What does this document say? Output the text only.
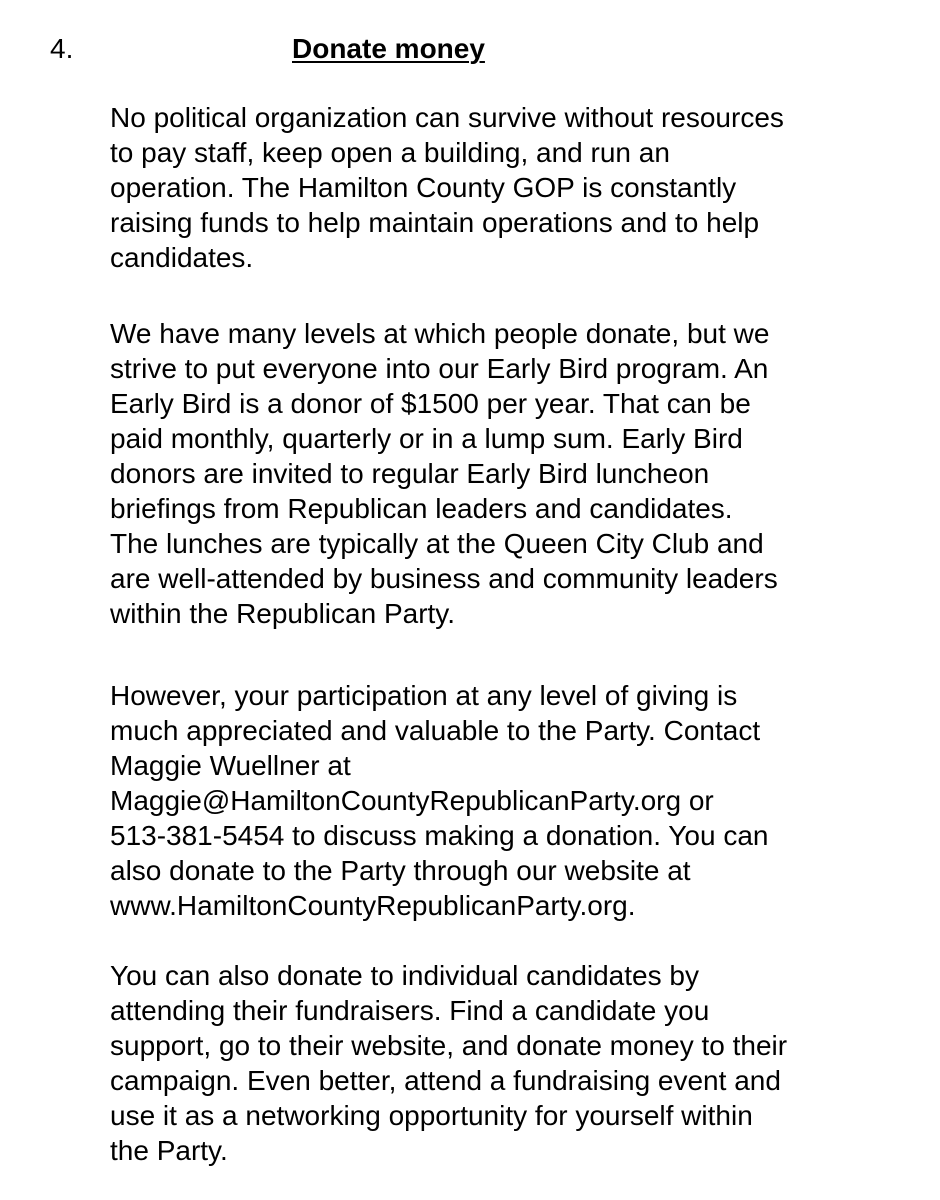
4.	Donate money

No political organization can survive without resources
to pay staff, keep open a building, and run an
operation. The Hamilton County GOP is constantly
raising funds to help maintain operations and to help
candidates.

We have many levels at which people donate, but we
strive to put everyone into our Early Bird program. An
Early Bird is a donor of $1500 per year. That can be
paid monthly, quarterly or in a lump sum. Early Bird
donors are invited to regular Early Bird luncheon
briefings from Republican leaders and candidates.
The lunches are typically at the Queen City Club and
are well-attended by business and community leaders
within the Republican Party.

However, your participation at any level of giving is
much appreciated and valuable to the Party. Contact
Maggie Wuellner at
Maggie@HamiltonCountyRepublicanParty.org or
513-381-5454 to discuss making a donation. You can
also donate to the Party through our website at
www.HamiltonCountyRepublicanParty.org.

You can also donate to individual candidates by
attending their fundraisers. Find a candidate you
support, go to their website, and donate money to their
campaign. Even better, attend a fundraising event and
use it as a networking opportunity for yourself within
the Party.
